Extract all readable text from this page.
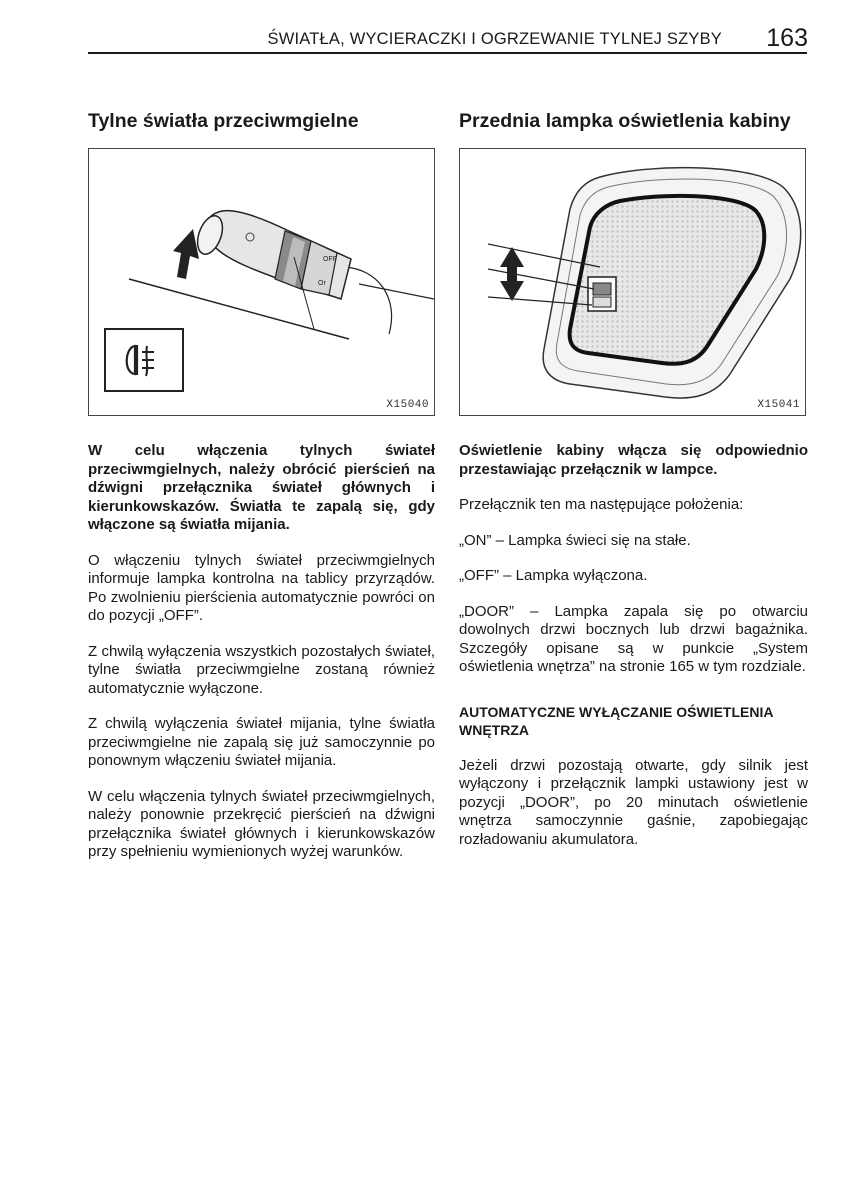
ŚWIATŁA, WYCIERACZKI I OGRZEWANIE TYLNEJ SZYBY	163
Tylne światła przeciwmgielne
OFF
Or
X15040

W celu włączenia tylnych świateł przeciwmgielnych, należy obrócić pierścień na dźwigni przełącznika świateł głównych i kierunkowskazów. Światła te zapalą się, gdy włączone są światła mijania.

O włączeniu tylnych świateł przeciwmgielnych informuje lampka kontrolna na tablicy przyrządów. Po zwolnieniu pierścienia automatycznie powróci on do pozycji „OFF”.

Z chwilą wyłączenia wszystkich pozostałych świateł, tylne światła przeciwmgielne zostaną również automatycznie wyłączone.

Z chwilą wyłączenia świateł mijania, tylne światła przeciwmgielne nie zapalą się już samoczynnie po ponownym włączeniu świateł mijania.

W celu włączenia tylnych świateł przeciwmgielnych, należy ponownie przekręcić pierścień na dźwigni przełącznika świateł głównych i kierunkowskazów przy spełnieniu wymienionych wyżej warunków.

Przednia lampka oświetlenia kabiny
X15041

Oświetlenie kabiny włącza się odpowiednio przestawiając przełącznik w lampce.

Przełącznik ten ma następujące położenia:

„ON” – Lampka świeci się na stałe.

„OFF” – Lampka wyłączona.

„DOOR” – Lampka zapala się po otwarciu dowolnych drzwi bocznych lub drzwi bagażnika. Szczegóły opisane są w punkcie „System oświetlenia wnętrza” na stronie 165 w tym rozdziale.

AUTOMATYCZNE WYŁĄCZANIE OŚWIETLENIA WNĘTRZA

Jeżeli drzwi pozostają otwarte, gdy silnik jest wyłączony i przełącznik lampki ustawiony jest w pozycji „DOOR”, po 20 minutach oświetlenie wnętrza samoczynnie gaśnie, zapobiegając rozładowaniu akumulatora.
